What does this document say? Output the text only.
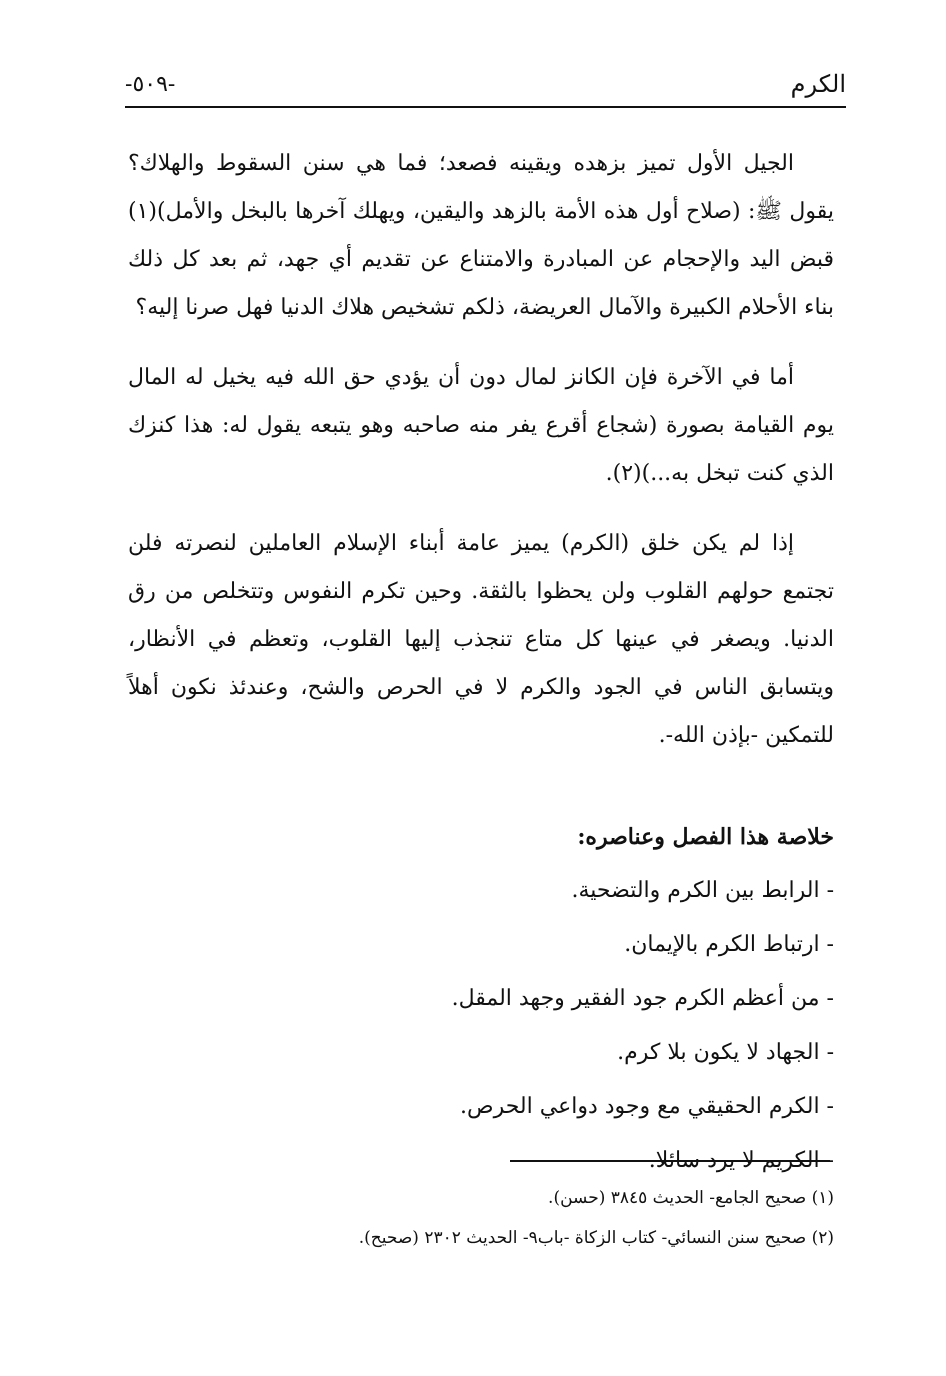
الكرم
-٥٠٩-

الجيل الأول تميز بزهده ويقينه فصعد؛ فما هي سنن السقوط والهلاك؟ يقول ﷺ: (صلاح أول هذه الأمة بالزهد واليقين، ويهلك آخرها بالبخل والأمل)(١) قبض اليد والإحجام عن المبادرة والامتناع عن تقديم أي جهد، ثم بعد كل ذلك بناء الأحلام الكبيرة والآمال العريضة، ذلكم تشخيص هلاك الدنيا فهل صرنا إليه؟

أما في الآخرة فإن الكانز لمال دون أن يؤدي حق الله فيه يخيل له المال يوم القيامة بصورة (شجاع أقرع يفر منه صاحبه وهو يتبعه يقول له: هذا كنزك الذي كنت تبخل به...)(٢).

إذا لم يكن خلق (الكرم) يميز عامة أبناء الإسلام العاملين لنصرته فلن تجتمع حولهم القلوب ولن يحظوا بالثقة. وحين تكرم النفوس وتتخلص من رق الدنيا. ويصغر في عينها كل متاع تنجذب إليها القلوب، وتعظم في الأنظار، ويتسابق الناس في الجود والكرم لا في الحرص والشح، وعندئذ نكون أهلاً للتمكين -بإذن الله-.

خلاصة هذا الفصل وعناصره:
- الرابط بين الكرم والتضحية.
- ارتباط الكرم بالإيمان.
- من أعظم الكرم جود الفقير وجهد المقل.
- الجهاد لا يكون بلا كرم.
- الكرم الحقيقي مع وجود دواعي الحرص.
- الكريم لا يرد سائلا.
(١) صحيح الجامع- الحديث ٣٨٤٥ (حسن).
(٢) صحيح سنن النسائي- كتاب الزكاة -باب٩- الحديث ٢٣٠٢ (صحيح).
